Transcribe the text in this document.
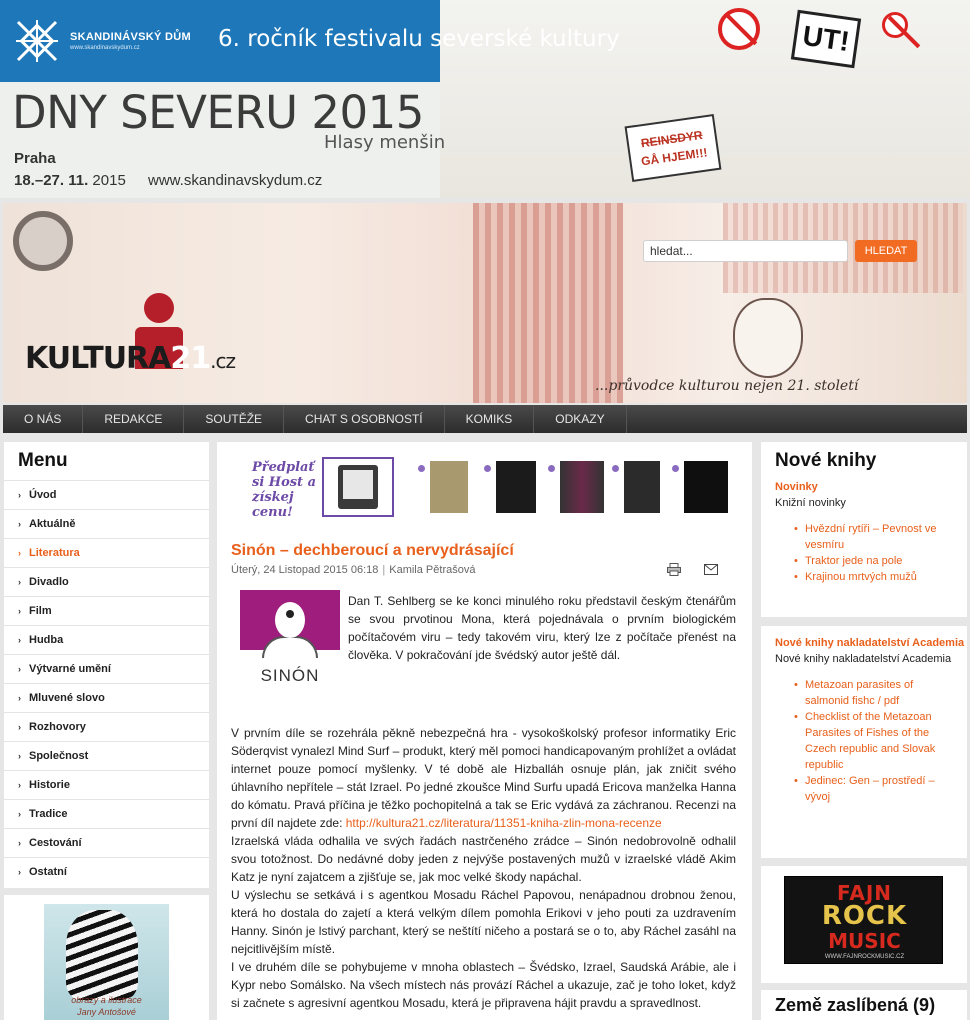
SKANDINÁVSKÝ DŮM
www.skandinavskydum.cz	6. ročník festivalu severské kultury
DNY SEVERU 2015
Hlasy menšin
Praha
18.–27. 11. 2015 www.skandinavskydum.cz
UT!
REINSDYR
GÅ HJEM!!!
KULTURA21.cz
...průvodce kulturou nejen 21. století
hledat...	HLEDAT
O NÁS	REDAKCE	SOUTĚŽE	CHAT S OSOBNOSTÍ	KOMIKS	ODKAZY
Menu
› Úvod
› Aktuálně
› Literatura
› Divadlo
› Film
› Hudba
› Výtvarné umění
› Mluvené slovo
› Rozhovory
› Společnost
› Historie
› Tradice
› Cestování
› Ostatní
obrazy a ilustrace
Jany Antošové
Předplať si Host a získej cenu!
Sinón – dechberoucí a nervydrásající
Úterý, 24 Listopad 2015 06:18 | Kamila Pětrašová
SINÓN
Dan T. Sehlberg se ke konci minulého roku představil českým čtenářům se svou prvotinou Mona, která pojednávala o prvním biologickém počítačovém viru – tedy takovém viru, který lze z počítače přenést na člověka. V pokračování jde švédský autor ještě dál.

V prvním díle se rozehrála pěkně nebezpečná hra - vysokoškolský profesor informatiky Eric Söderqvist vynalezl Mind Surf – produkt, který měl pomoci handicapovaným prohlížet a ovládat internet pouze pomocí myšlenky. V té době ale Hizballáh osnuje plán, jak zničit svého úhlavního nepřítele – stát Izrael. Po jedné zkoušce Mind Surfu upadá Ericova manželka Hanna do kómatu. Pravá příčina je těžko pochopitelná a tak se Eric vydává za záchranou. Recenzi na první díl najdete zde: http://kultura21.cz/literatura/11351-kniha-zlin-mona-recenze

Izraelská vláda odhalila ve svých řadách nastrčeného zrádce – Sinón nedobrovolně odhalil svou totožnost. Do nedávné doby jeden z nejvýše postavených mužů v izraelské vládě Akim Katz je nyní zajatcem a zjišťuje se, jak moc velké škody napáchal.

U výslechu se setkává i s agentkou Mosadu Ráchel Papovou, nenápadnou drobnou ženou, která ho dostala do zajetí a která velkým dílem pomohla Erikovi v jeho pouti za uzdravením Hanny. Sinón je lstivý parchant, který se neštítí ničeho a postará se o to, aby Ráchel zasáhl na nejcitlivějším místě.

I ve druhém díle se pohybujeme v mnoha oblastech – Švédsko, Izrael, Saudská Arábie, ale i Kypr nebo Somálsko. Na všech místech nás provází Ráchel a ukazuje, zač je toho loket, když si začnete s agresivní agentkou Mosadu, která je připravena hájit pravdu a spravedlnost.

Nové knihy
Novinky
Knižní novinky
• Hvězdní rytíři – Pevnost ve vesmíru
• Traktor jede na pole
• Krajinou mrtvých mužů
Nové knihy nakladatelství Academia
Nové knihy nakladatelství Academia
• Metazoan parasites of salmonid fishc / pdf
• Checklist of the Metazoan Parasites of Fishes of the Czech republic and Slovak republic
• Jedinec: Gen – prostředí – vývoj
FAJN
ROCK
MUSIC
WWW.FAJNROCKMUSIC.CZ
Země zaslíbená (9)
